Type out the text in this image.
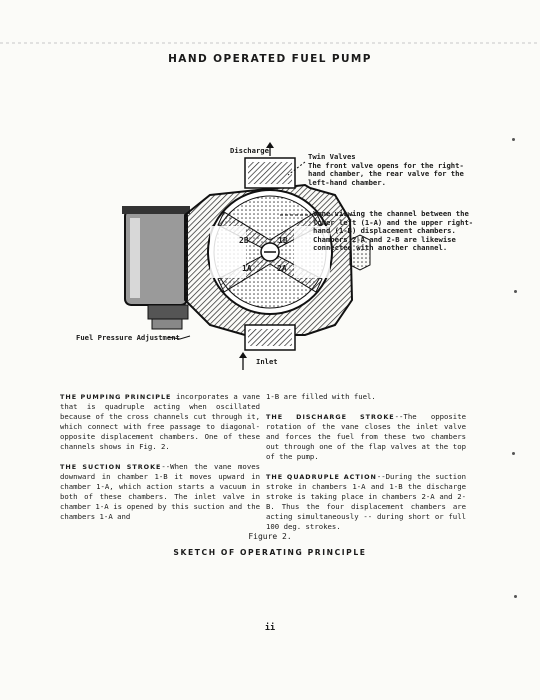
HAND OPERATED FUEL PUMP
2B	1B
1A	2A
Discharge
Twin Valves
The front valve opens for the right-hand chamber, the rear valve for the left-hand chamber.
Vane viewing the channel between the lower left (1-A) and the upper right-hand (1-B) displacement chambers. Chambers 2-A and 2-B are likewise connected with another channel.
Fuel Pressure Adjustment
Inlet

THE PUMPING PRINCIPLE incorporates a vane that is quadruple acting when oscillated because of the cross channels cut through it, which connect with free passage to diagonal-opposite displacement chambers. One of these channels shows in Fig. 2.

THE SUCTION STROKE--When the vane moves downward in chamber 1-B it moves upward in chamber 1-A, which action starts a vacuum in both of these chambers. The inlet valve in chamber 1-A is opened by this suction and the chambers 1-A and

1-B are filled with fuel.

THE DISCHARGE STROKE--The opposite rotation of the vane closes the inlet valve and forces the fuel from these two chambers out through one of the flap valves at the top of the pump.

THE QUADRUPLE ACTION--During the suction stroke in chambers 1-A and 1-B the discharge stroke is taking place in chambers 2-A and 2-B. Thus the four displacement chambers are acting simultaneously -- during short or full 100 deg. strokes.

Figure 2.
SKETCH OF OPERATING PRINCIPLE
ii
